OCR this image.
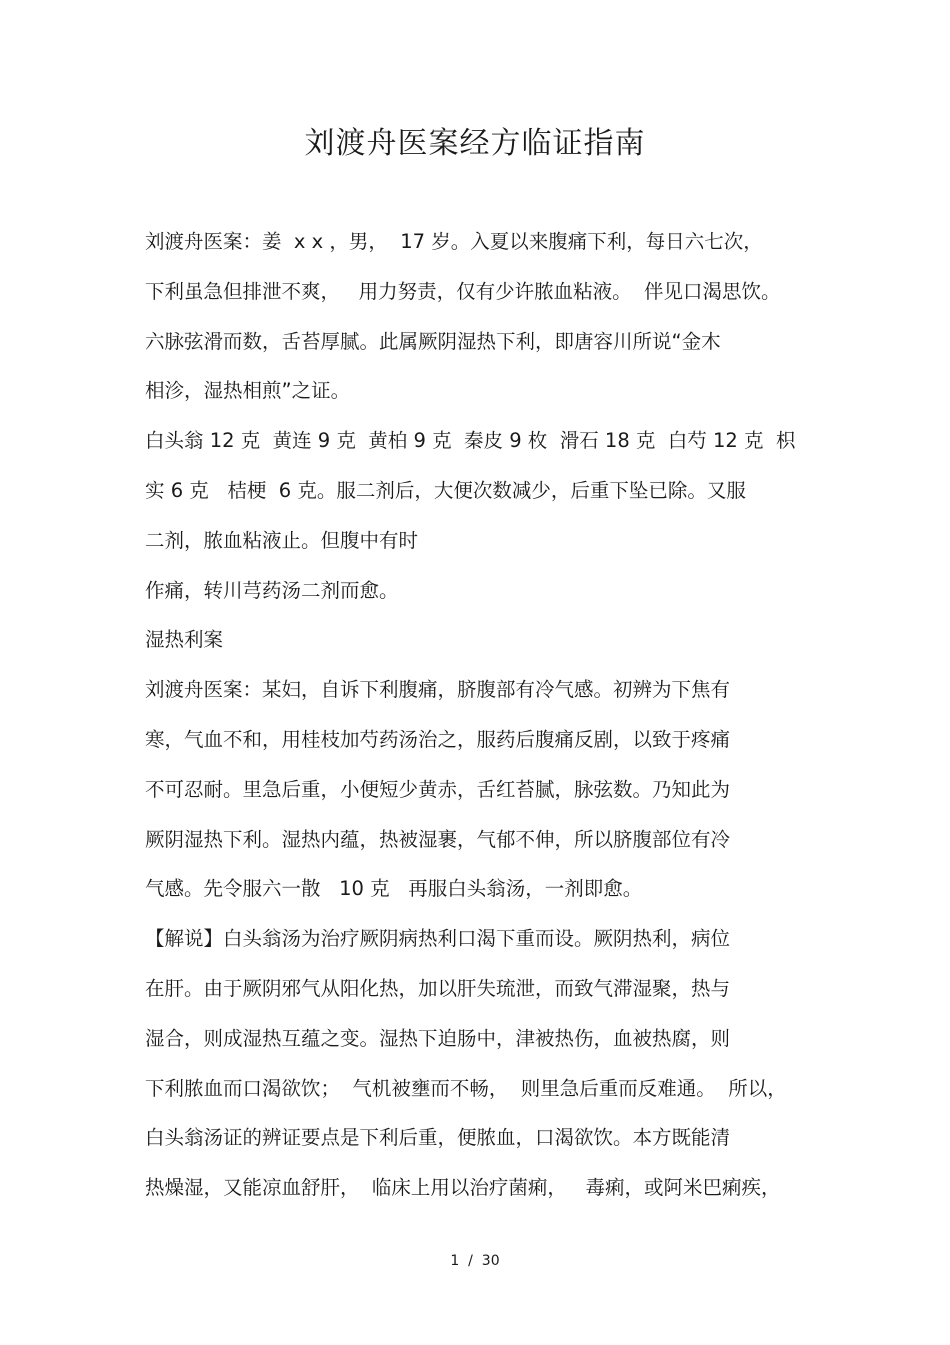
刘渡舟医案经方临证指南
刘渡舟医案：姜  x x ，男，  17 岁。入夏以来腹痛下利，每日六七次，
下利虽急但排泄不爽，   用力努责，仅有少许脓血粘液。  伴见口渴思饮。
六脉弦滑而数，舌苔厚腻。此属厥阴湿热下利，即唐容川所说“金木
相沴，湿热相煎”之证。
白头翁 12 克  黄连 9 克  黄柏 9 克  秦皮 9 枚  滑石 18 克  白芍 12 克  枳
实 6 克   桔梗  6 克。服二剂后，大便次数减少，后重下坠已除。又服
二剂，脓血粘液止。但腹中有时
作痛，转川芎药汤二剂而愈。
湿热利案
刘渡舟医案：某妇，自诉下利腹痛，脐腹部有冷气感。初辨为下焦有
寒，气血不和，用桂枝加芍药汤治之，服药后腹痛反剧，以致于疼痛
不可忍耐。里急后重，小便短少黄赤，舌红苔腻，脉弦数。乃知此为
厥阴湿热下利。湿热内蕴，热被湿裹，气郁不伸，所以脐腹部位有冷
气感。先令服六一散   10 克   再服白头翁汤，一剂即愈。
【解说】白头翁汤为治疗厥阴病热利口渴下重而设。厥阴热利，病位
在肝。由于厥阴邪气从阳化热，加以肝失琉泄，而致气滞湿聚，热与
湿合，则成湿热互蕴之变。湿热下迫肠中，津被热伤，血被热腐，则
下利脓血而口渴欲饮；  气机被壅而不畅，  则里急后重而反难通。  所以，
白头翁汤证的辨证要点是下利后重，便脓血，口渴欲饮。本方既能清
热燥湿，又能凉血舒肝，  临床上用以治疗菌痢，   毒痢，或阿米巴痢疾，
1  /  30
